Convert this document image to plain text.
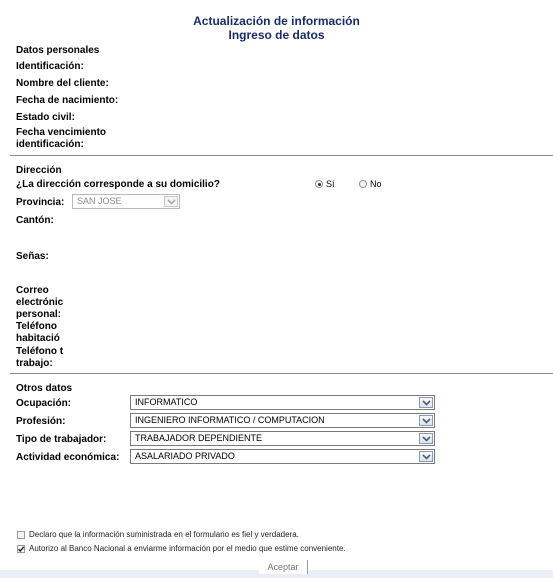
Actualización de información
Ingreso de datos
Datos personales
Identificación:
Nombre del cliente:
Fecha de nacimiento:
Estado civil:
Fecha vencimiento
identificación:
Dirección
¿La dirección corresponde a su domicilio?	Sí	No
Provincia: SAN JOSE
Cantón:
Señas:
Correo
electrónic
personal:
Teléfono
habitació
Teléfono t
trabajo:
Otros datos
Ocupación:	INFORMATICO
Profesión:	INGENIERO INFORMATICO / COMPUTACION
Tipo de trabajador:	TRABAJADOR DEPENDIENTE
Actividad económica: ASALARIADO PRIVADO
Declaro que la información suministrada en el formulario es fiel y verdadera.
Autorizo al Banco Nacional a enviarme información por el medio que estime conveniente.
Aceptar
